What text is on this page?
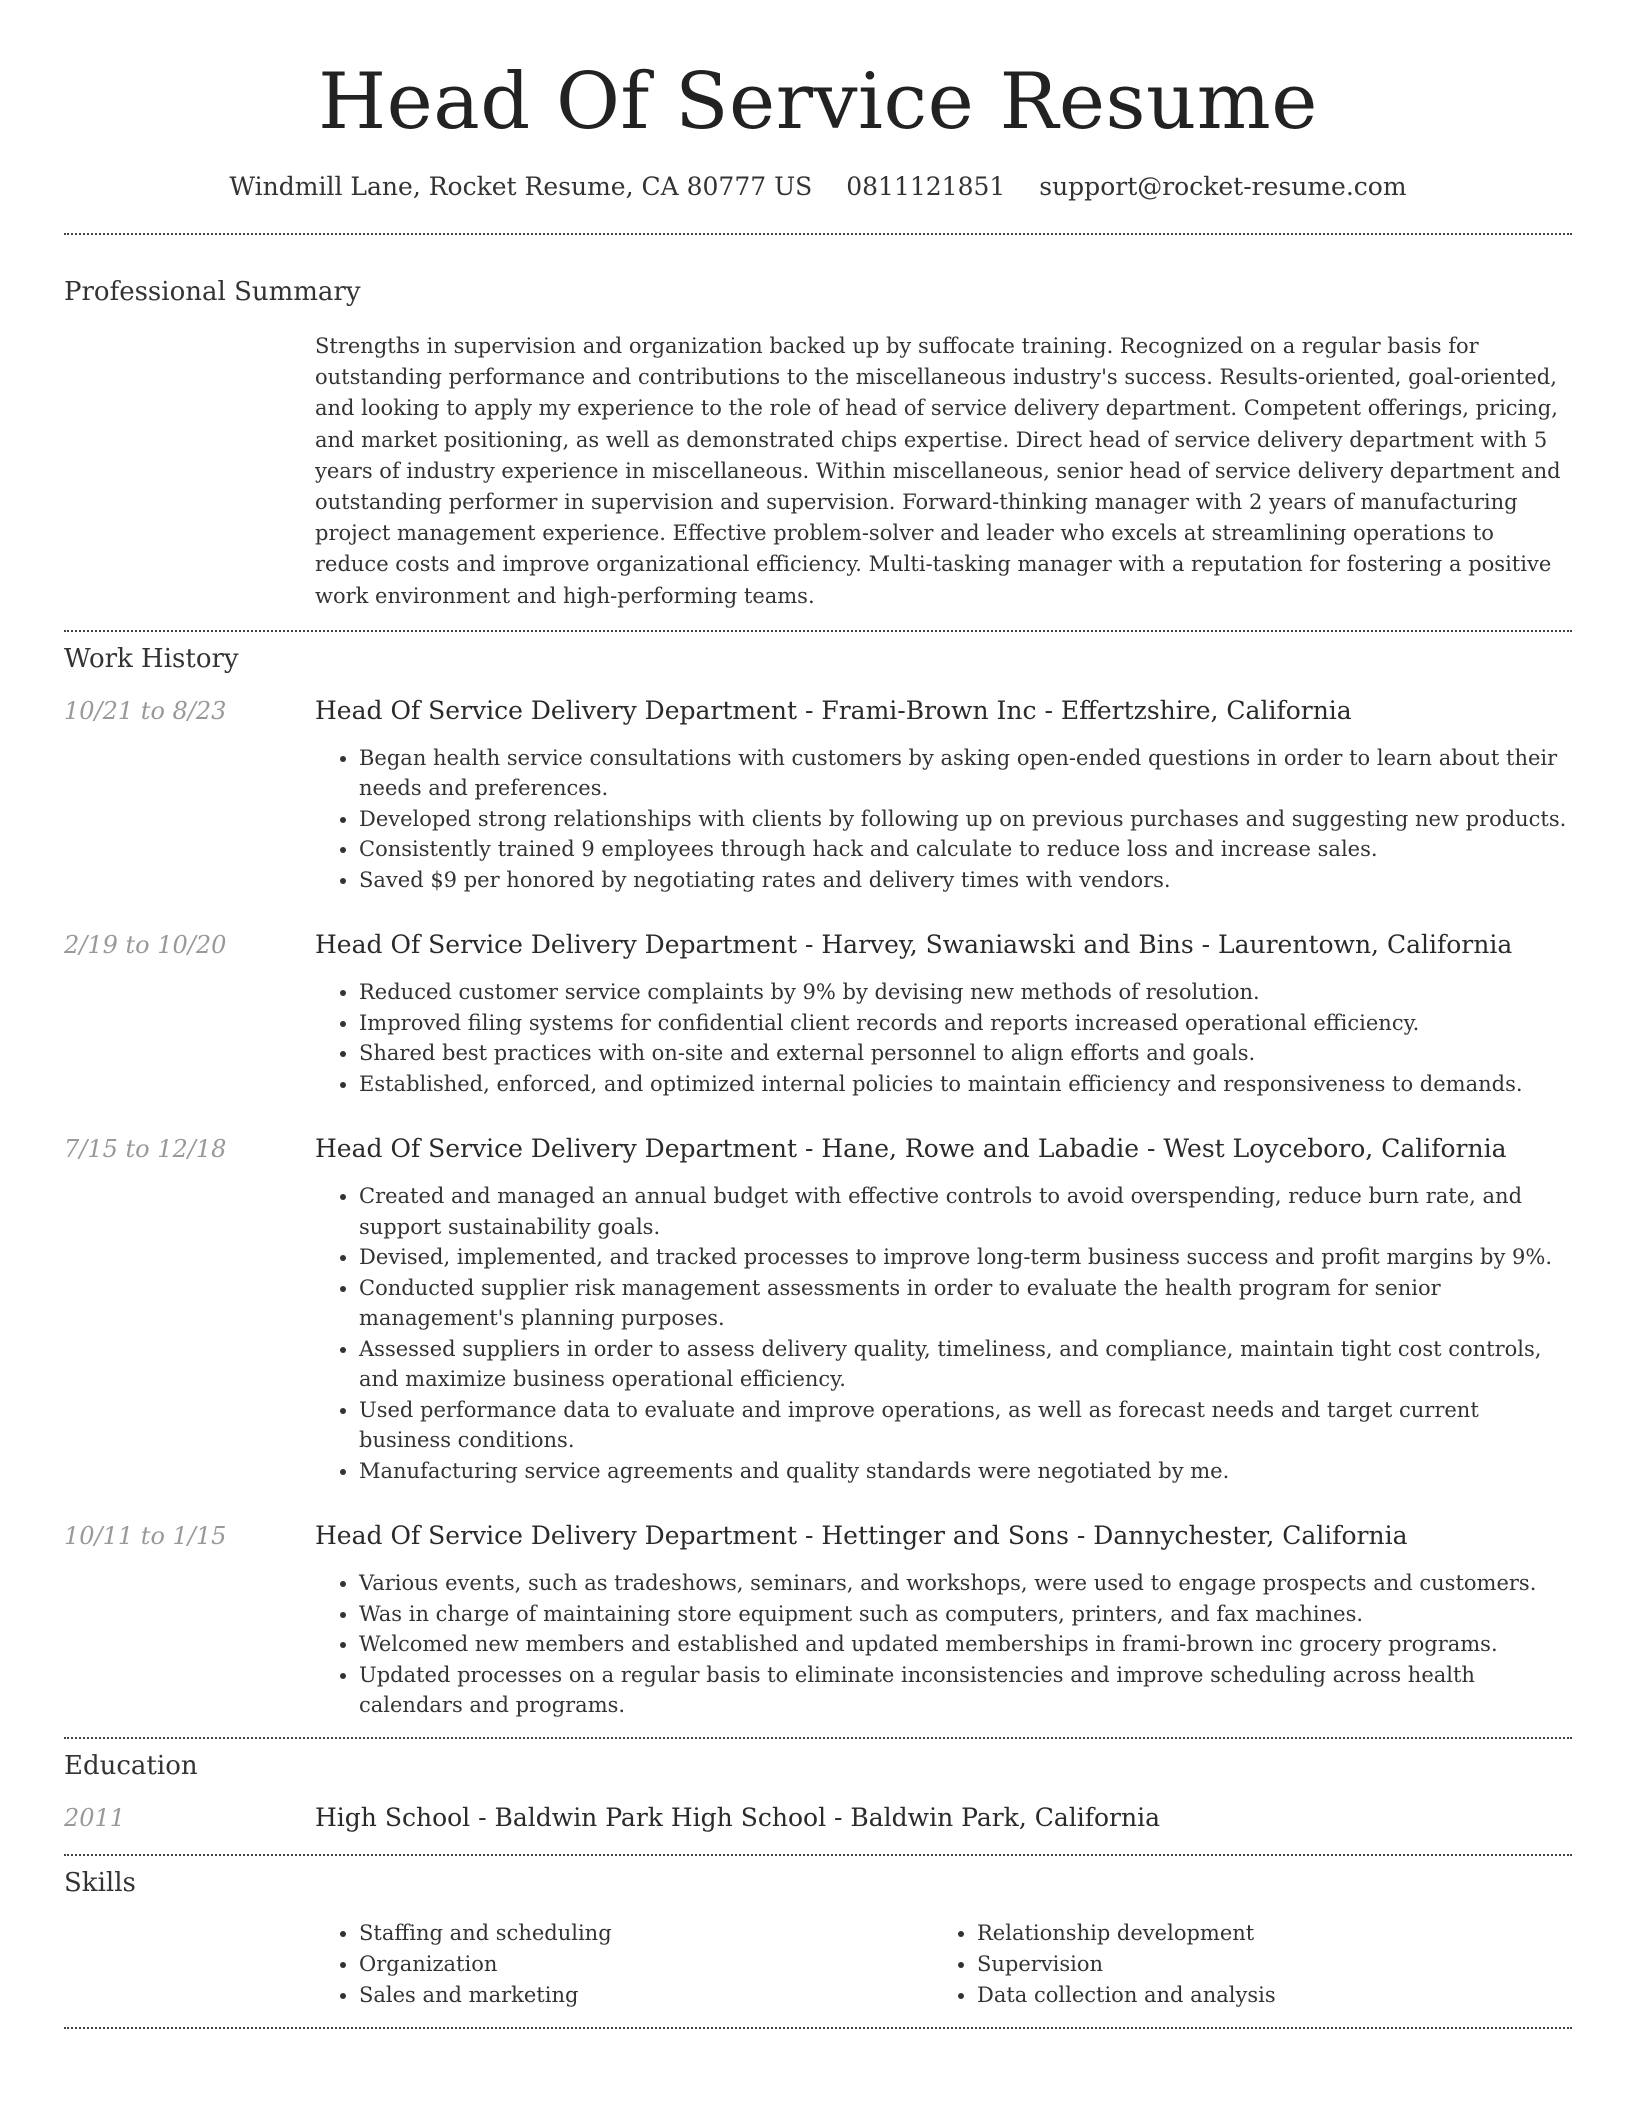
Head Of Service Resume
Windmill Lane, Rocket Resume, CA 80777 US 0811121851 support@rocket-resume.com
Professional Summary
Strengths in supervision and organization backed up by suffocate training. Recognized on a regular basis for outstanding performance and contributions to the miscellaneous industry's success. Results-oriented, goal-oriented, and looking to apply my experience to the role of head of service delivery department. Competent offerings, pricing, and market positioning, as well as demonstrated chips expertise. Direct head of service delivery department with 5 years of industry experience in miscellaneous. Within miscellaneous, senior head of service delivery department and outstanding performer in supervision and supervision. Forward-thinking manager with 2 years of manufacturing project management experience. Effective problem-solver and leader who excels at streamlining operations to reduce costs and improve organizational efficiency. Multi-tasking manager with a reputation for fostering a positive work environment and high-performing teams.
Work History
10/21 to 8/23	Head Of Service Delivery Department - Frami-Brown Inc - Effertzshire, California
• Began health service consultations with customers by asking open-ended questions in order to learn about their needs and preferences.
• Developed strong relationships with clients by following up on previous purchases and suggesting new products.
• Consistently trained 9 employees through hack and calculate to reduce loss and increase sales.
• Saved $9 per honored by negotiating rates and delivery times with vendors.
2/19 to 10/20	Head Of Service Delivery Department - Harvey, Swaniawski and Bins - Laurentown, California
• Reduced customer service complaints by 9% by devising new methods of resolution.
• Improved filing systems for confidential client records and reports increased operational efficiency.
• Shared best practices with on-site and external personnel to align efforts and goals.
• Established, enforced, and optimized internal policies to maintain efficiency and responsiveness to demands.
7/15 to 12/18	Head Of Service Delivery Department - Hane, Rowe and Labadie - West Loyceboro, California
• Created and managed an annual budget with effective controls to avoid overspending, reduce burn rate, and support sustainability goals.
• Devised, implemented, and tracked processes to improve long-term business success and profit margins by 9%.
• Conducted supplier risk management assessments in order to evaluate the health program for senior management's planning purposes.
• Assessed suppliers in order to assess delivery quality, timeliness, and compliance, maintain tight cost controls, and maximize business operational efficiency.
• Used performance data to evaluate and improve operations, as well as forecast needs and target current business conditions.
• Manufacturing service agreements and quality standards were negotiated by me.
10/11 to 1/15	Head Of Service Delivery Department - Hettinger and Sons - Dannychester, California
• Various events, such as tradeshows, seminars, and workshops, were used to engage prospects and customers.
• Was in charge of maintaining store equipment such as computers, printers, and fax machines.
• Welcomed new members and established and updated memberships in frami-brown inc grocery programs.
• Updated processes on a regular basis to eliminate inconsistencies and improve scheduling across health calendars and programs.
Education
2011	High School - Baldwin Park High School - Baldwin Park, California
Skills
• Staffing and scheduling
• Organization
• Sales and marketing
• Relationship development
• Supervision
• Data collection and analysis
